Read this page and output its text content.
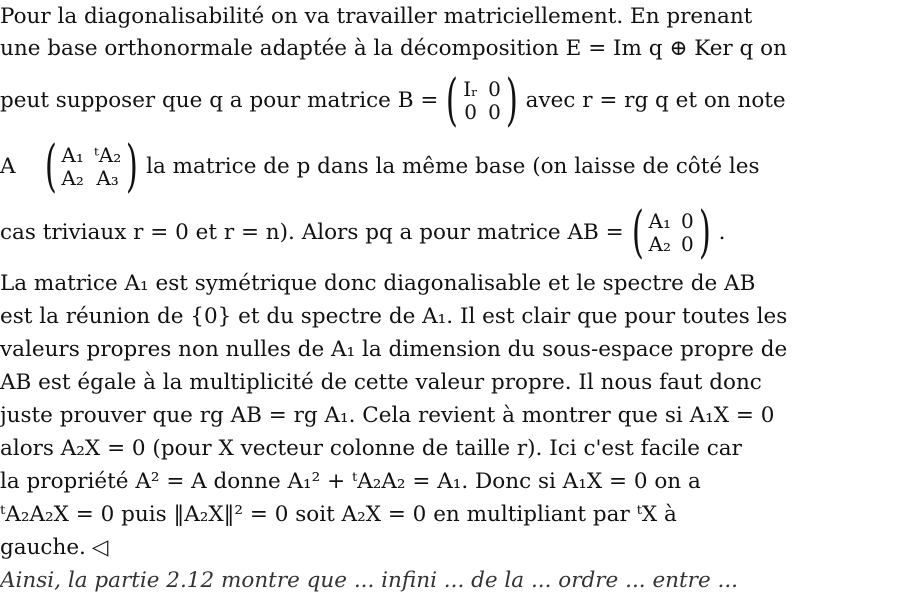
Pour la diagonalisabilité on va travailler matriciellement. En prenant
une base orthonormale adaptée à la décomposition E = Im q ⊕ Ker q on
peut supposer que q a pour matrice B = ( Iᵣ 0
0 0 ) avec r = rg q et on note
A ( A₁ ᵗA₂
A₂ A₃ ) la matrice de p dans la même base (on laisse de côté les
cas triviaux r = 0 et r = n). Alors pq a pour matrice AB = ( A₁ 0
A₂ 0 ) .
La matrice A₁ est symétrique donc diagonalisable et le spectre de AB
est la réunion de {0} et du spectre de A₁. Il est clair que pour toutes les
valeurs propres non nulles de A₁ la dimension du sous-espace propre de
AB est égale à la multiplicité de cette valeur propre. Il nous faut donc
juste prouver que rg AB = rg A₁. Cela revient à montrer que si A₁X = 0
alors A₂X = 0 (pour X vecteur colonne de taille r). Ici c'est facile car
la propriété A² = A donne A₁² + ᵗA₂A₂ = A₁. Donc si A₁X = 0 on a
ᵗA₂A₂X = 0 puis ‖A₂X‖² = 0 soit A₂X = 0 en multipliant par ᵗX à
gauche. ◁
Ainsi, la partie 2.12 montre que ... infini ... de la ... ordre ... entre ...
